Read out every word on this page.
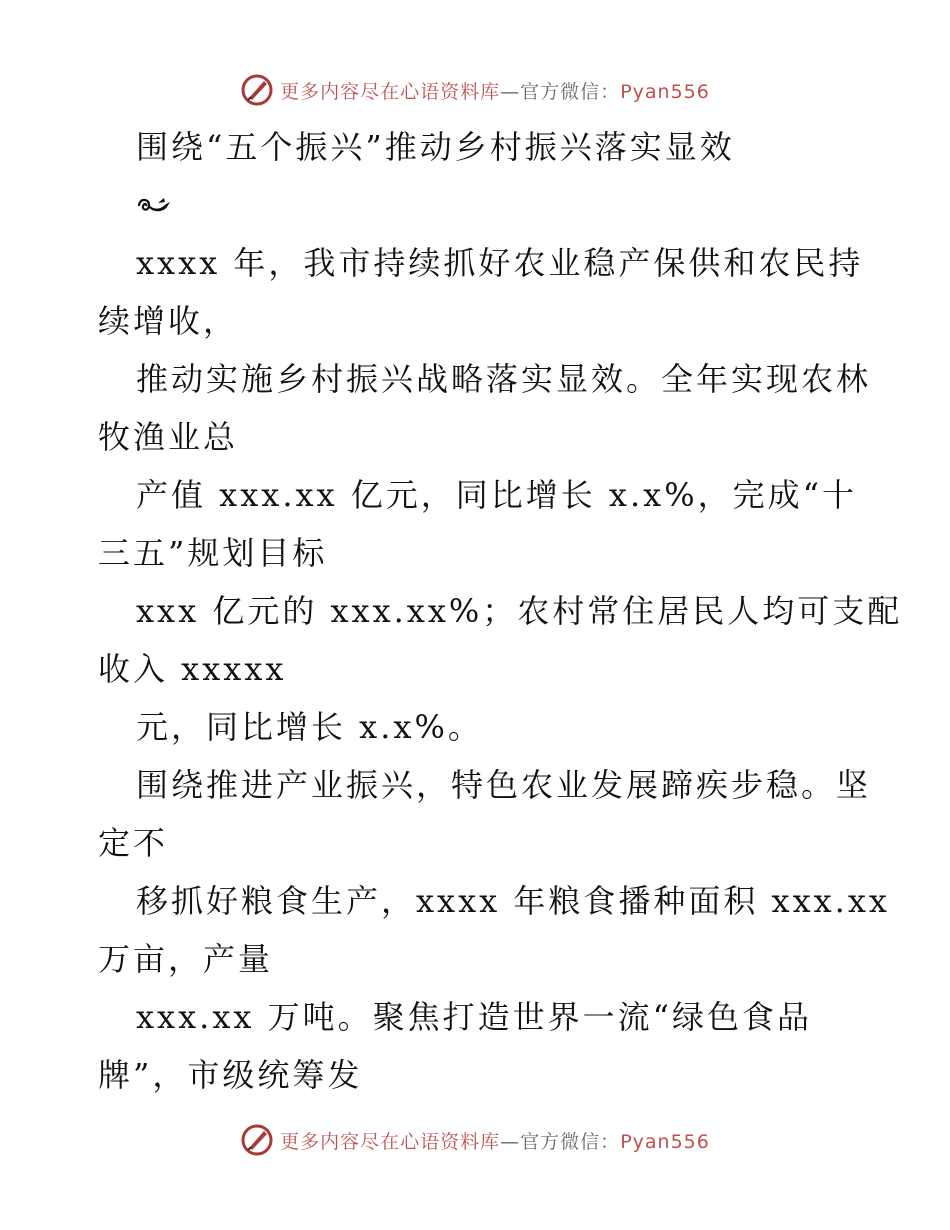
更多内容尽在心语资料库—官方微信：Pyan556
围绕“五个振兴”推动乡村振兴落实显效
xxxx 年，我市持续抓好农业稳产保供和农民持
续增收，
推动实施乡村振兴战略落实显效。全年实现农林
牧渔业总
产值 xxx.xx 亿元，同比增长 x.x%，完成“十
三五”规划目标
xxx 亿元的 xxx.xx%；农村常住居民人均可支配
收入 xxxxx
元，同比增长 x.x%。
围绕推进产业振兴，特色农业发展蹄疾步稳。坚
定不
移抓好粮食生产，xxxx 年粮食播种面积 xxx.xx
万亩，产量
xxx.xx 万吨。聚焦打造世界一流“绿色食品
牌”，市级统筹发
更多内容尽在心语资料库—官方微信：Pyan556
